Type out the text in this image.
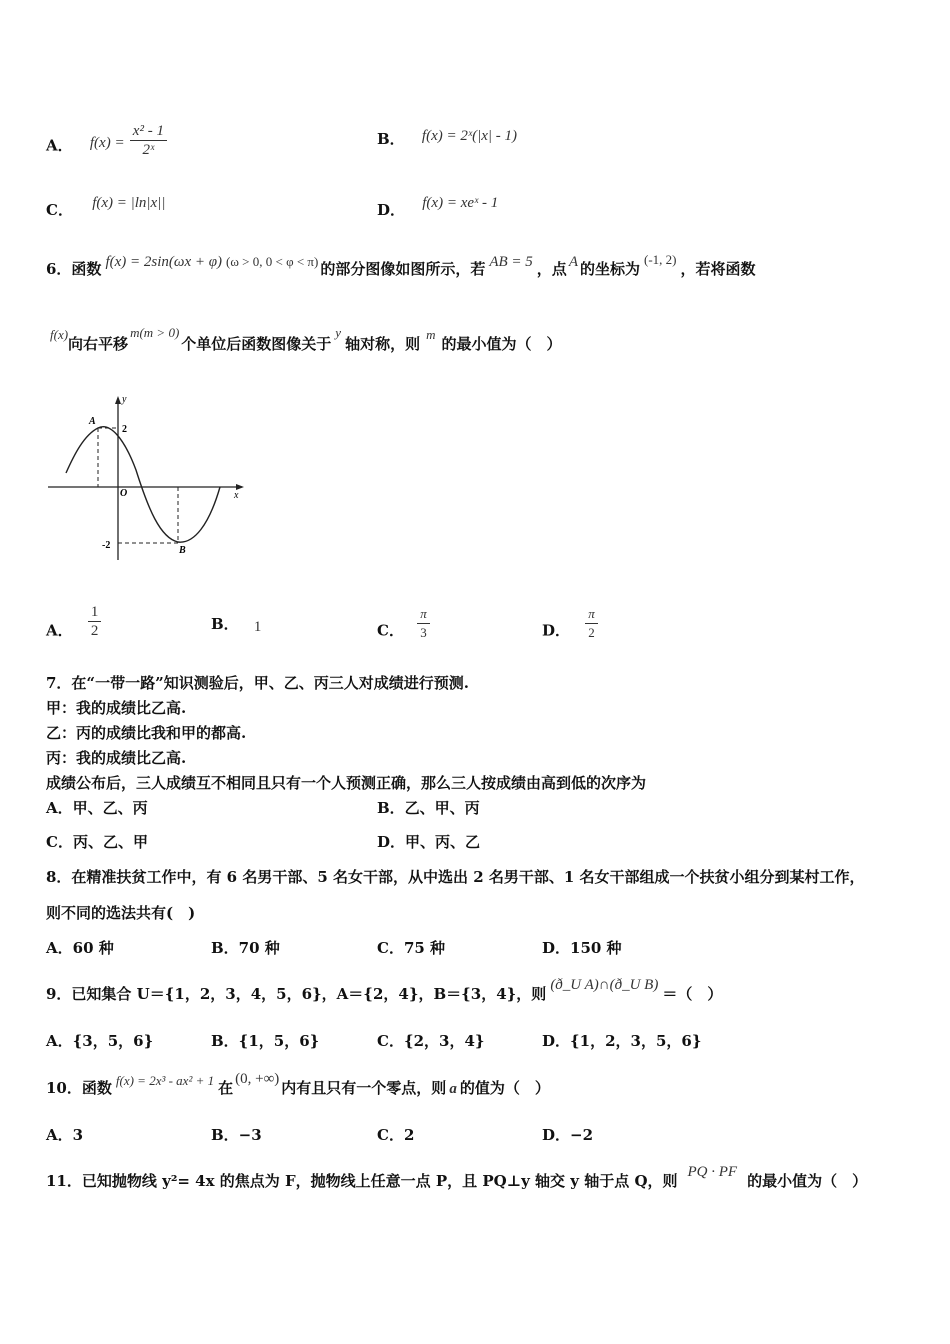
A． $f(x) = \frac{\text{x² - 1}}{\text{2ˣ}}$	B． f(x) = 2ˣ(|x| - 1)
C． f(x) = |ln|x||	D． f(x) = xeˣ - 1
6．函数 f(x) = 2sin(ωx + φ) (ω > 0, 0 < φ < π) 的部分图像如图所示，若 AB = 5 ，点 A 的坐标为(-1, 2)，若将函数
f(x)向右平移m(m > 0)个单位后函数图像关于y轴对称，则m的最小值为（　）
y
x
O
2
-2
A
B
A． $\frac{1}{2}$	B． 1	C． $\frac{\pi}{3}$	D． $\frac{\pi}{2}$
7．在“一带一路”知识测验后，甲、乙、丙三人对成绩进行预测.
甲：我的成绩比乙高.
乙：丙的成绩比我和甲的都高.
丙：我的成绩比乙高.
成绩公布后，三人成绩互不相同且只有一个人预测正确，那么三人按成绩由高到低的次序为
A．甲、乙、丙	B．乙、甲、丙
C．丙、乙、甲	D．甲、丙、乙
8．在精准扶贫工作中，有 6 名男干部、5 名女干部，从中选出 2 名男干部、1 名女干部组成一个扶贫小组分到某村工作，
则不同的选法共有(　)
A．60 种	B．70 种	C．75 种	D．150 种
9．已知集合 U＝{1，2，3，4，5，6}，A＝{2，4}，B＝{3，4}，则 (ð_U A)∩(ð_U B) ＝（　）
A．{3，5，6}	B．{1，5，6}	C．{2，3，4}	D．{1，2，3，5，6}
10．函数 f(x) = 2x³ - ax² + 1 在 (0, +∞) 内有且只有一个零点，则 a 的值为（　）
A．3	B．−3	C．2	D．−2
11．已知抛物线 y²= 4x 的焦点为 F，抛物线上任意一点 P，且 PQ⊥y 轴交 y 轴于点 Q，则 PQ · PF 的最小值为（　）
